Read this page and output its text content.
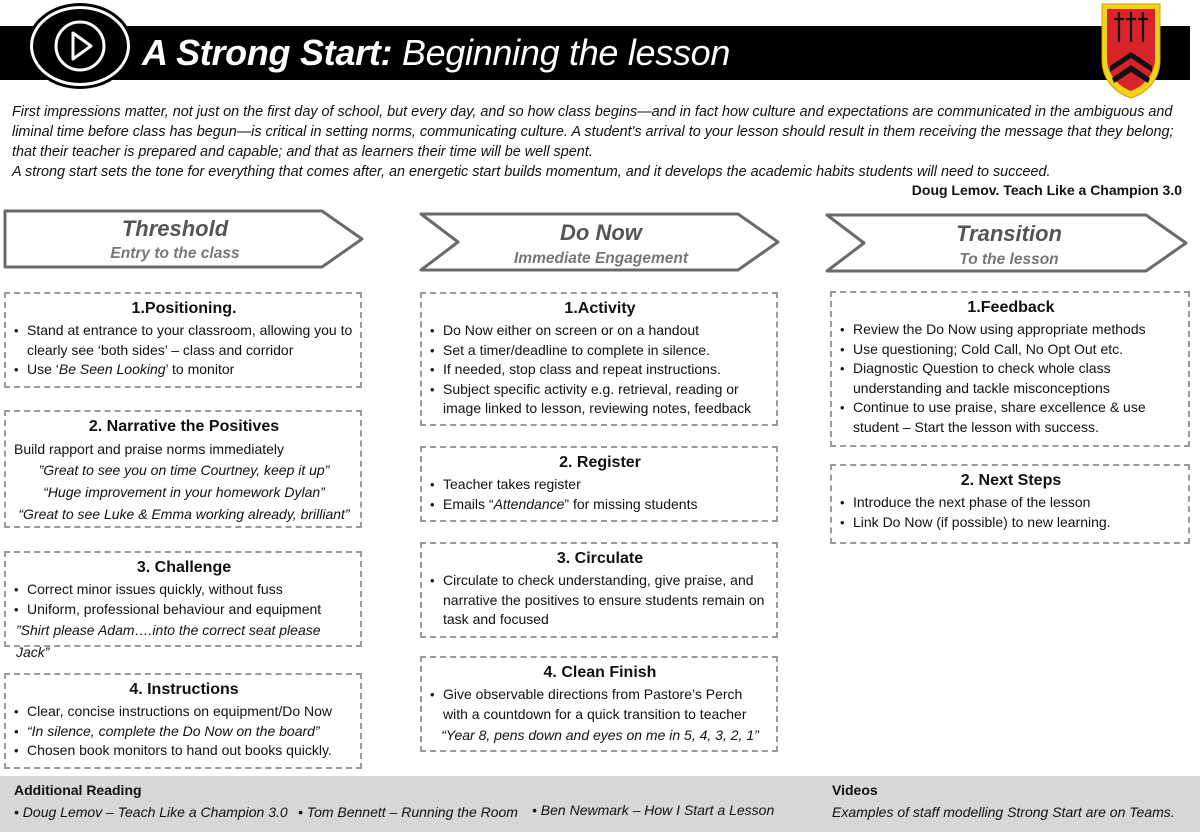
A Strong Start: Beginning the lesson
First impressions matter, not just on the first day of school, but every day, and so how class begins—and in fact how culture and expectations are communicated in the ambiguous and liminal time before class has begun—is critical in setting norms, communicating culture. A student's arrival to your lesson should result in them receiving the message that they belong; that their teacher is prepared and capable; and that as learners their time will be well spent.
A strong start sets the tone for everything that comes after, an energetic start builds momentum, and it develops the academic habits students will need to succeed.
Doug Lemov. Teach Like a Champion 3.0
Threshold
Entry to the class
Do Now
Immediate Engagement
Transition
To the lesson
1.Positioning.
• Stand at entrance to your classroom, allowing you to clearly see ‘both sides’ – class and corridor
• Use ‘Be Seen Looking’ to monitor
2. Narrative the Positives
Build rapport and praise norms immediately
”Great to see you on time Courtney, keep it up”
“Huge improvement in your homework Dylan”
“Great to see Luke & Emma working already, brilliant”
3. Challenge
• Correct minor issues quickly, without fuss
• Uniform, professional behaviour and equipment
”Shirt please Adam….into the correct seat please Jack”
4. Instructions
• Clear, concise instructions on equipment/Do Now
• “In silence, complete the Do Now on the board”
• Chosen book monitors to hand out books quickly.
1.Activity
• Do Now either on screen or on a handout
• Set a timer/deadline to complete in silence.
• If needed, stop class and repeat instructions.
• Subject specific activity e.g. retrieval, reading or image linked to lesson, reviewing notes, feedback
2. Register
• Teacher takes register
• Emails “Attendance” for missing students
3. Circulate
• Circulate to check understanding, give praise, and narrative the positives to ensure students remain on task and focused
4. Clean Finish
• Give observable directions from Pastore’s Perch with a countdown for a quick transition to teacher
“Year 8, pens down and eyes on me in 5, 4, 3, 2, 1”
1.Feedback
• Review the Do Now using appropriate methods
• Use questioning; Cold Call, No Opt Out etc.
• Diagnostic Question to check whole class understanding and tackle misconceptions
• Continue to use praise, share excellence & use student – Start the lesson with success.
2. Next Steps
• Introduce the next phase of the lesson
• Link Do Now (if possible) to new learning.
Additional Reading
• Doug Lemov – Teach Like a Champion 3.0 • Tom Bennett – Running the Room • Ben Newmark – How I Start a Lesson
Videos
Examples of staff modelling Strong Start are on Teams.
